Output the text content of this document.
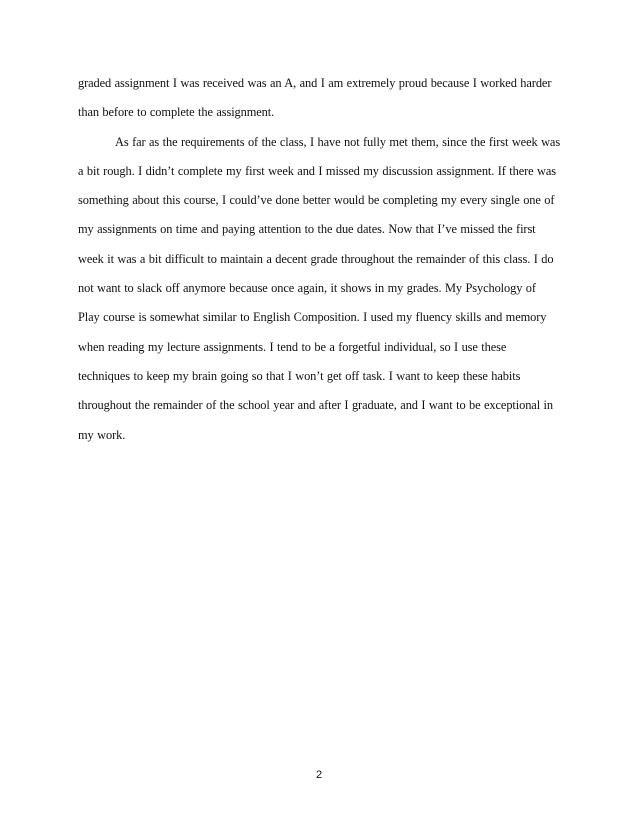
graded assignment I was received was an A, and I am extremely proud because I worked harder
than before to complete the assignment.
As far as the requirements of the class, I have not fully met them, since the first week was
a bit rough. I didn’t complete my first week and I missed my discussion assignment. If there was
something about this course, I could’ve done better would be completing my every single one of
my assignments on time and paying attention to the due dates. Now that I’ve missed the first
week it was a bit difficult to maintain a decent grade throughout the remainder of this class. I do
not want to slack off anymore because once again, it shows in my grades. My Psychology of
Play course is somewhat similar to English Composition. I used my fluency skills and memory
when reading my lecture assignments. I tend to be a forgetful individual, so I use these
techniques to keep my brain going so that I won’t get off task. I want to keep these habits
throughout the remainder of the school year and after I graduate, and I want to be exceptional in
my work.
2
